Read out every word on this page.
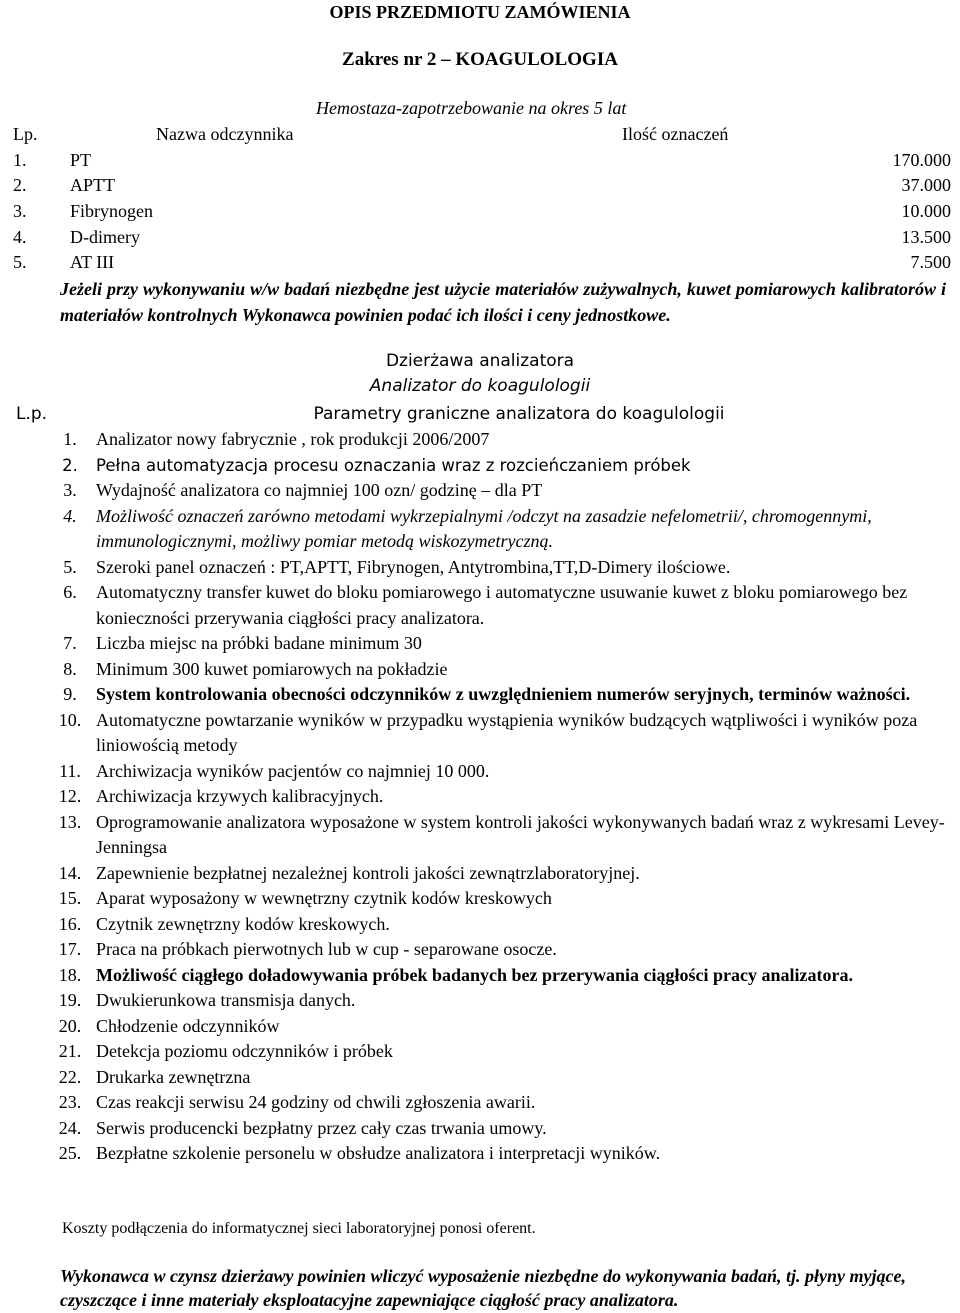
OPIS PRZEDMIOTU ZAMÓWIENIA
Zakres nr 2 – KOAGULOLOGIA
Hemostaza-zapotrzebowanie na okres 5 lat
Lp.	Nazwa odczynnika	Ilość oznaczeń
1. PT	170.000
2. APTT	37.000
3. Fibrynogen	10.000
4. D-dimery	13.500
5. AT III	7.500
Jeżeli przy wykonywaniu w/w badań niezbędne jest użycie materiałów zużywalnych, kuwet pomiarowych kalibratorów i materiałów kontrolnych Wykonawca powinien podać ich ilości i ceny jednostkowe.
Dzierżawa analizatora
Analizator do koagulologii
L.p.	Parametry graniczne analizatora do koagulologii
1.	Analizator nowy fabrycznie , rok produkcji 2006/2007
2.	Pełna automatyzacja procesu oznaczania wraz z rozcieńczaniem próbek
3.	Wydajność analizatora co najmniej 100 ozn/ godzinę – dla PT
4.	Możliwość oznaczeń zarówno metodami wykrzepialnymi /odczyt na zasadzie nefelometrii/, chromogennymi, immunologicznymi, możliwy pomiar metodą wiskozymetryczną.
5.	Szeroki panel oznaczeń : PT,APTT, Fibrynogen, Antytrombina,TT,D-Dimery ilościowe.
6.	Automatyczny transfer kuwet do bloku pomiarowego i automatyczne usuwanie kuwet z bloku pomiarowego bez konieczności przerywania ciągłości pracy analizatora.
7.	Liczba miejsc na próbki badane minimum 30
8.	Minimum 300 kuwet pomiarowych na pokładzie
9.	System kontrolowania obecności odczynników z uwzględnieniem numerów seryjnych, terminów ważności.
10. Automatyczne powtarzanie wyników w przypadku wystąpienia wyników budzących wątpliwości i wyników poza liniowością metody
11. Archiwizacja wyników pacjentów co najmniej 10 000.
12. Archiwizacja krzywych kalibracyjnych.
13. Oprogramowanie analizatora wyposażone w system kontroli jakości wykonywanych badań wraz z wykresami Levey-Jenningsa
14. Zapewnienie bezpłatnej nezależnej kontroli jakości zewnątrzlaboratoryjnej.
15. Aparat wyposażony w wewnętrzny czytnik kodów kreskowych
16. Czytnik zewnętrzny kodów kreskowych.
17. Praca na próbkach pierwotnych lub w cup - separowane osocze.
18. Możliwość ciągłego doładowywania próbek badanych bez przerywania ciągłości pracy analizatora.
19. Dwukierunkowa transmisja danych.
20. Chłodzenie odczynników
21. Detekcja poziomu odczynników i próbek
22. Drukarka zewnętrzna
23. Czas reakcji serwisu 24 godziny od chwili zgłoszenia awarii.
24. Serwis producencki bezpłatny przez cały czas trwania umowy.
25. Bezpłatne szkolenie personelu w obsłudze analizatora i interpretacji wyników.
Koszty podłączenia do informatycznej sieci laboratoryjnej ponosi oferent.
Wykonawca w czynsz dzierżawy powinien wliczyć wyposażenie niezbędne do wykonywania badań, tj. płyny myjące, czyszczące i inne materiały eksploatacyjne zapewniające ciągłość pracy analizatora.
